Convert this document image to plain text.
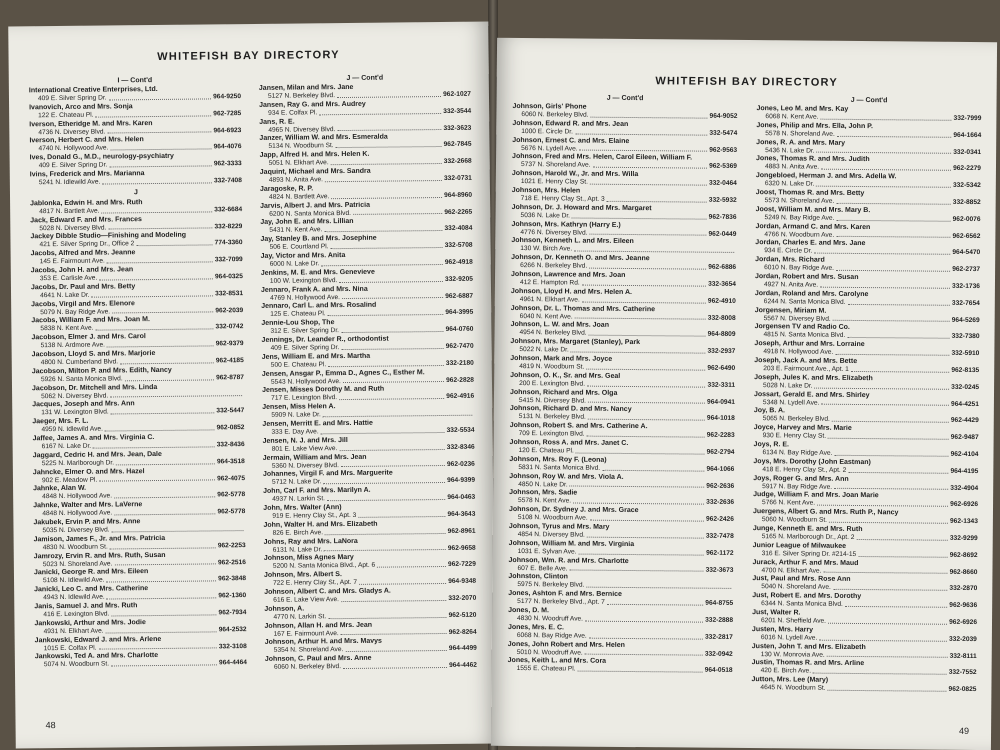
WHITEFISH BAY DIRECTORY
I — Cont'd
International Creative Enterprises, Ltd.
409 E. Silver Spring Dr.	964-9250
Ivanovich, Arco and Mrs. Sonja
122 E. Chateau Pl.	962-7285
Iverson, Etheridge M. and Mrs. Karen
4736 N. Diversey Blvd.	964-6923
Iverson, Herbert C. and Mrs. Helen
4740 N. Hollywood Ave.	964-4076
Ives, Donald G., M.D., neurology-psychiatry
409 E. Silver Spring Dr.	962-3333
Ivins, Frederick and Mrs. Marianna
5241 N. Idlewild Ave.	332-7408
J
Jablonka, Edwin H. and Mrs. Ruth
4817 N. Bartlett Ave.	332-6684
Jack, Edward F. and Mrs. Frances
5028 N. Diversey Blvd.	332-8229
Jackey Dibble Studio—Finishing and Modeling
421 E. Silver Spring Dr., Office 2	774-3360
Jacobs, Alfred and Mrs. Jeanne
145 E. Fairmount Ave.	332-7099
Jacobs, John H. and Mrs. Jean
353 E. Carlisle Ave.	964-0325
Jacobs, Dr. Paul and Mrs. Betty
4641 N. Lake Dr.	332-8531
Jacobs, Virgil and Mrs. Elenore
5079 N. Bay Ridge Ave.	962-2039
Jacobs, William F. and Mrs. Joan M.
5838 N. Kent Ave.	332-0742
Jacobson, Elmer J. and Mrs. Carol
5138 N. Ardmore Ave.	962-9379
Jacobson, Lloyd S. and Mrs. Marjorie
4800 N. Cumberland Blvd.	962-4185
Jacobson, Milton P. and Mrs. Edith, Nancy
5926 N. Santa Monica Blvd.	962-8787
Jacobson, Dr. Mitchell and Mrs. Linda
5062 N. Diversey Blvd.
Jacques, Joseph and Mrs. Ann
131 W. Lexington Blvd.	332-5447
Jaeger, Mrs. F. L.
4959 N. Idlewild Ave.	962-0852
Jaffee, James A. and Mrs. Virginia C.
6167 N. Lake Dr.	332-8436
Jaggard, Cedric H. and Mrs. Jean, Dale
5225 N. Marlborough Dr.	964-3518
Jahncke, Elmer O. and Mrs. Hazel
902 E. Meadow Pl.	962-4075
Jahnke, Alan W.
4848 N. Hollywood Ave.	962-5778
Jahnke, Walter and Mrs. LaVerne
4848 N. Hollywood Ave.	962-5778
Jakubek, Ervin P. and Mrs. Anne
5035 N. Diversey Blvd.
Jamison, James F., Jr. and Mrs. Patricia
4830 N. Woodburn St.	962-2253
Jamrozy, Ervin R. and Mrs. Ruth, Susan
5023 N. Shoreland Ave.	962-2516
Janicki, George R. and Mrs. Eileen
5108 N. Idlewild Ave.	962-3848
Janicki, Leo C. and Mrs. Catherine
4943 N. Idlewild Ave.	962-1360
Janis, Samuel J. and Mrs. Ruth
416 E. Lexington Blvd.	962-7934
Jankowski, Arthur and Mrs. Jodie
4931 N. Elkhart Ave.	964-2532
Jankowski, Edward J. and Mrs. Arlene
1015 E. Colfax Pl.	332-3108
Jankowski, Ted A. and Mrs. Charlotte
5074 N. Woodburn St.	964-4464
J — Cont'd
Jansen, Milan and Mrs. Jane
5127 N. Berkeley Blvd.	962-1027
Jansen, Ray G. and Mrs. Audrey
934 E. Colfax Pl.	332-3544
Jans, R. E.
4965 N. Diversey Blvd.	332-3623
Janzer, William W. and Mrs. Esmeralda
5134 N. Woodburn St.	962-7845
Japp, Alfred H. and Mrs. Helen K.
5051 N. Elkhart Ave.	332-2668
Jaquint, Michael and Mrs. Sandra
4893 N. Anita Ave.	332-0731
Jaragoske, R. P.
4824 N. Bartlett Ave.	964-8960
Jarvis, Albert J. and Mrs. Patricia
6200 N. Santa Monica Blvd.	962-2265
Jay, John E. and Mrs. Lillian
5431 N. Kent Ave.	332-4084
Jay, Stanley B. and Mrs. Josephine
506 E. Courtland Pl.	332-5708
Jay, Victor and Mrs. Anita
6000 N. Lake Dr.	962-4918
Jenkins, M. E. and Mrs. Genevieve
100 W. Lexington Blvd.	332-9205
Jennaro, Frank A. and Mrs. Nina
4769 N. Hollywood Ave.	962-6887
Jennaro, Carl L. and Mrs. Rosalind
125 E. Chateau Pl.	964-3995
Jennie-Lou Shop, The
312 E. Silver Spring Dr.	964-0760
Jennings, Dr. Leander R., orthodontist
409 E. Silver Spring Dr.	962-7470
Jens, William E. and Mrs. Martha
500 E. Chateau Pl.	332-2180
Jensen, Ansgar P., Emma D., Agnes C., Esther M.
5543 N. Hollywood Ave.	962-2828
Jensen, Misses Dorothy M. and Ruth
717 E. Lexington Blvd.	962-4916
Jensen, Miss Helen A.
5909 N. Lake Dr.
Jensen, Merritt E. and Mrs. Hattie
333 E. Day Ave.	332-5534
Jensen, N. J. and Mrs. Jill
801 E. Lake View Ave.	332-8346
Jermain, William and Mrs. Jean
5360 N. Diversey Blvd.	962-0236
Johannes, Virgil F. and Mrs. Marguerite
5712 N. Lake Dr.	964-9399
John, Carl F. and Mrs. Marilyn A.
4937 N. Larkin St.	964-0463
John, Mrs. Walter (Ann)
919 E. Henry Clay St., Apt. 3	964-3643
John, Walter H. and Mrs. Elizabeth
826 E. Birch Ave.	962-8961
Johns, Ray and Mrs. LaNora
6131 N. Lake Dr.	962-9658
Johnson, Miss Agnes Mary
5200 N. Santa Monica Blvd., Apt. 6	962-7229
Johnson, Mrs. Albert S.
722 E. Henry Clay St., Apt. 7	964-9348
Johnson, Albert C. and Mrs. Gladys A.
616 E. Lake View Ave.	332-2070
Johnson, A.
4770 N. Larkin St.	962-5120
Johnson, Allan H. and Mrs. Jean
167 E. Fairmount Ave.	962-8264
Johnson, Arthur H. and Mrs. Mavys
5354 N. Shoreland Ave.	964-4499
Johnson, C. Paul and Mrs. Anne
6060 N. Berkeley Blvd.	964-4462
48
WHITEFISH BAY DIRECTORY
J — Cont'd
Johnson, Girls' Phone
6060 N. Berkeley Blvd.	964-9052
Johnson, Edward R. and Mrs. Jean
1000 E. Circle Dr.	332-5474
Johnson, Ernest C. and Mrs. Elaine
5676 N. Lydell Ave.	962-9563
Johnson, Fred and Mrs. Helen, Carol Eileen, William F.
5737 N. Shoreland Ave.	962-5369
Johnson, Harold W., Jr. and Mrs. Willa
1021 E. Henry Clay St.	332-0464
Johnson, Mrs. Helen
718 E. Henry Clay St., Apt. 3	332-5932
Johnson, Dr. J. Howard and Mrs. Margaret
5036 N. Lake Dr.	962-7836
Johnson, Mrs. Kathryn (Harry E.)
4776 N. Diversey Blvd.	962-0449
Johnson, Kenneth L. and Mrs. Eileen
130 W. Birch Ave.
Johnson, Dr. Kenneth O. and Mrs. Jeanne
6266 N. Berkeley Blvd.	962-6886
Johnson, Lawrence and Mrs. Joan
412 E. Hampton Rd.	332-3654
Johnson, Lloyd H. and Mrs. Helen A.
4961 N. Elkhart Ave.	962-4910
Johnson, Dr. L. Thomas and Mrs. Catherine
6040 N. Kent Ave.	332-8008
Johnson, L. W. and Mrs. Joan
4954 N. Berkeley Blvd.	964-8809
Johnson, Mrs. Margaret (Stanley), Park
5022 N. Lake Dr.	332-2937
Johnson, Mark and Mrs. Joyce
4819 N. Woodburn St.	962-6490
Johnson, O. K., Sr. and Mrs. Geal
200 E. Lexington Blvd.	332-3311
Johnson, Richard and Mrs. Olga
5415 N. Diversey Blvd.	964-0941
Johnson, Richard D. and Mrs. Nancy
5131 N. Berkeley Blvd.	964-1018
Johnson, Robert S. and Mrs. Catherine A.
709 E. Lexington Blvd.	962-2283
Johnson, Ross A. and Mrs. Janet C.
120 E. Chateau Pl.	962-2794
Johnson, Mrs. Roy F. (Leona)
5831 N. Santa Monica Blvd.	964-1066
Johnson, Roy W. and Mrs. Viola A.
4850 N. Lake Dr.	962-2636
Johnson, Mrs. Sadie
5578 N. Kent Ave.	332-2636
Johnson, Dr. Sydney J. and Mrs. Grace
5108 N. Woodburn Ave.	962-2426
Johnson, Tyrus and Mrs. Mary
4854 N. Diversey Blvd.	332-7478
Johnson, William M. and Mrs. Virginia
1031 E. Sylvan Ave.	962-1172
Johnson, Wm. R. and Mrs. Charlotte
607 E. Belle Ave.	332-3673
Johnston, Clinton
5975 N. Berkeley Blvd.
Jones, Ashton F. and Mrs. Bernice
5177 N. Berkeley Blvd., Apt. 7	964-8755
Jones, D. M.
4830 N. Woodruff Ave.	332-2888
Jones, Mrs. E. C.
6068 N. Bay Ridge Ave.	332-2817
Jones, John Robert and Mrs. Helen
5010 N. Woodruff Ave.	332-0942
Jones, Keith L. and Mrs. Cora
1555 E. Chateau Pl.	964-0518
J — Cont'd
Jones, Leo M. and Mrs. Kay
6068 N. Kent Ave.	332-7999
Jones, Philip and Mrs. Ella, John P.
5578 N. Shoreland Ave.	964-1664
Jones, R. A. and Mrs. Mary
5436 N. Lake Dr.	332-0341
Jones, Thomas R. and Mrs. Judith
4883 N. Anita Ave.	962-2279
Jongebloed, Herman J. and Mrs. Adella W.
6320 N. Lake Dr.	332-5342
Joost, Thomas R. and Mrs. Betty
5573 N. Shoreland Ave.	332-8852
Joost, William M. and Mrs. Mary B.
5249 N. Bay Ridge Ave.	962-0076
Jordan, Armand C. and Mrs. Karen
4766 N. Woodburn Ave.	962-6562
Jordan, Charles E. and Mrs. Jane
934 E. Circle Dr.	964-5470
Jordan, Mrs. Richard
6010 N. Bay Ridge Ave.	962-2737
Jordan, Robert and Mrs. Susan
4927 N. Anita Ave.	332-1736
Jordan, Roland and Mrs. Carolyne
6244 N. Santa Monica Blvd.	332-7654
Jorgensen, Miriam M.
5567 N. Diversey Blvd.	964-5269
Jorgensen TV and Radio Co.
4815 N. Santa Monica Blvd.	332-7380
Joseph, Arthur and Mrs. Lorraine
4918 N. Hollywood Ave.	332-5910
Joseph, Jack A. and Mrs. Bette
203 E. Fairmount Ave., Apt. 1	962-8135
Joseph, Jules K. and Mrs. Elizabeth
5028 N. Lake Dr.	332-0245
Jossart, Gerald E. and Mrs. Shirley
5348 N. Lydell Ave.	964-4251
Joy, B. A.
5065 N. Berkeley Blvd.	962-4429
Joyce, Harvey and Mrs. Marie
930 E. Henry Clay St.	962-9487
Joys, R. E.
6134 N. Bay Ridge Ave.	962-4104
Joys, Mrs. Dorothy (John Eastman)
418 E. Henry Clay St., Apt. 2	964-4195
Joys, Roger G. and Mrs. Ann
5917 N. Bay Ridge Ave.	332-4904
Judge, William F. and Mrs. Joan Marie
5766 N. Kent Ave.	962-6926
Juergens, Albert G. and Mrs. Ruth P., Nancy
5060 N. Woodburn St.	962-1343
Junge, Kenneth E. and Mrs. Ruth
5165 N. Marlborough Dr., Apt. 2	332-9299
Junior League of Milwaukee
316 E. Silver Spring Dr. #214-15	962-8692
Jurack, Arthur F. and Mrs. Maud
4700 N. Elkhart Ave.	962-8660
Just, Paul and Mrs. Rose Ann
5040 N. Shoreland Ave.	332-2870
Just, Robert E. and Mrs. Dorothy
6344 N. Santa Monica Blvd.	962-9636
Just, Walter R.
6201 N. Sheffield Ave.	962-6926
Justen, Mrs. Harry
6016 N. Lydell Ave.	332-2039
Justen, John T. and Mrs. Elizabeth
130 W. Monrovia Ave.	332-8111
Justin, Thomas R. and Mrs. Arline
420 E. Birch Ave.	332-7552
Jutton, Mrs. Lee (Mary)
4645 N. Woodburn St.	962-0825
49
